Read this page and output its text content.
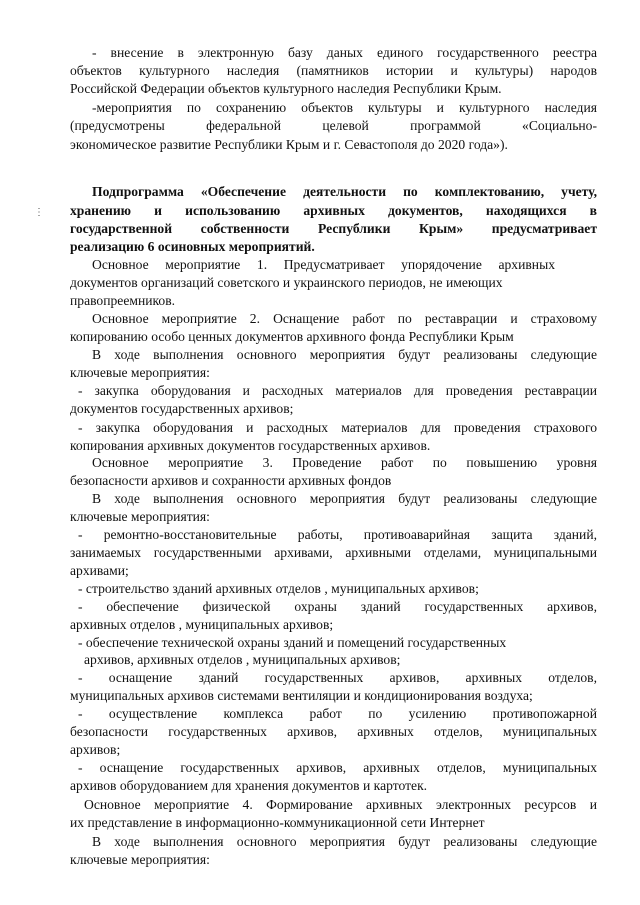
⋮

- внесение в электронную базу даных единого государственного реестра

объектов культурного наследия (памятников истории и культуры) народов

Российской Федерации объектов культурного наследия Республики Крым.

-мероприятия по сохранению объектов культуры и культурного наследия

(предусмотрены федеральной целевой программой «Социально-

экономическое развитие Республики Крым и г. Севастополя до 2020 года»).

Подпрограмма «Обеспечение деятельности по комплектованию, учету,

хранению и использованию архивных документов, находящихся в

государственной собственности Республики Крым» предусматривает

реализацию 6 осиновных мероприятий.

Основное мероприятие 1. Предусматривает упорядочение архивных

документов организаций советского и украинского периодов, не имеющих

правопреемников.

Основное мероприятие 2. Оснащение работ по реставрации и страховому

копированию особо ценных документов архивного фонда Республики Крым

В ходе выполнения основного мероприятия будут реализованы следующие

ключевые мероприятия:

- закупка оборудования и расходных материалов для проведения реставрации

документов государственных архивов;

- закупка оборудования и расходных материалов для проведения страхового

копирования архивных документов государственных архивов.

Основное мероприятие 3. Проведение работ по повышению уровня

безопасности архивов и сохранности архивных фондов

В ходе выполнения основного мероприятия будут реализованы следующие

ключевые мероприятия:

- ремонтно-восстановительные работы, противоаварийная защита зданий,

занимаемых государственными архивами, архивными отделами, муниципальными

архивами;

- строительство зданий архивных отделов , муниципальных архивов;

- обеспечение физической охраны зданий государственных архивов,

архивных отделов , муниципальных архивов;

- обеспечение технической охраны зданий и помещений государственных

архивов, архивных отделов , муниципальных архивов;

- оснащение зданий государственных архивов, архивных отделов,

муниципальных архивов системами вентиляции и кондиционирования воздуха;

- осуществление комплекса работ по усилению противопожарной

безопасности государственных архивов, архивных отделов, муниципальных

архивов;

- оснащение государственных архивов, архивных отделов, муниципальных

архивов оборудованием для хранения документов и картотек.

Основное мероприятие 4. Формирование архивных электронных ресурсов и

их представление в информационно-коммуникационной сети Интернет

В ходе выполнения основного мероприятия будут реализованы следующие

ключевые мероприятия:
